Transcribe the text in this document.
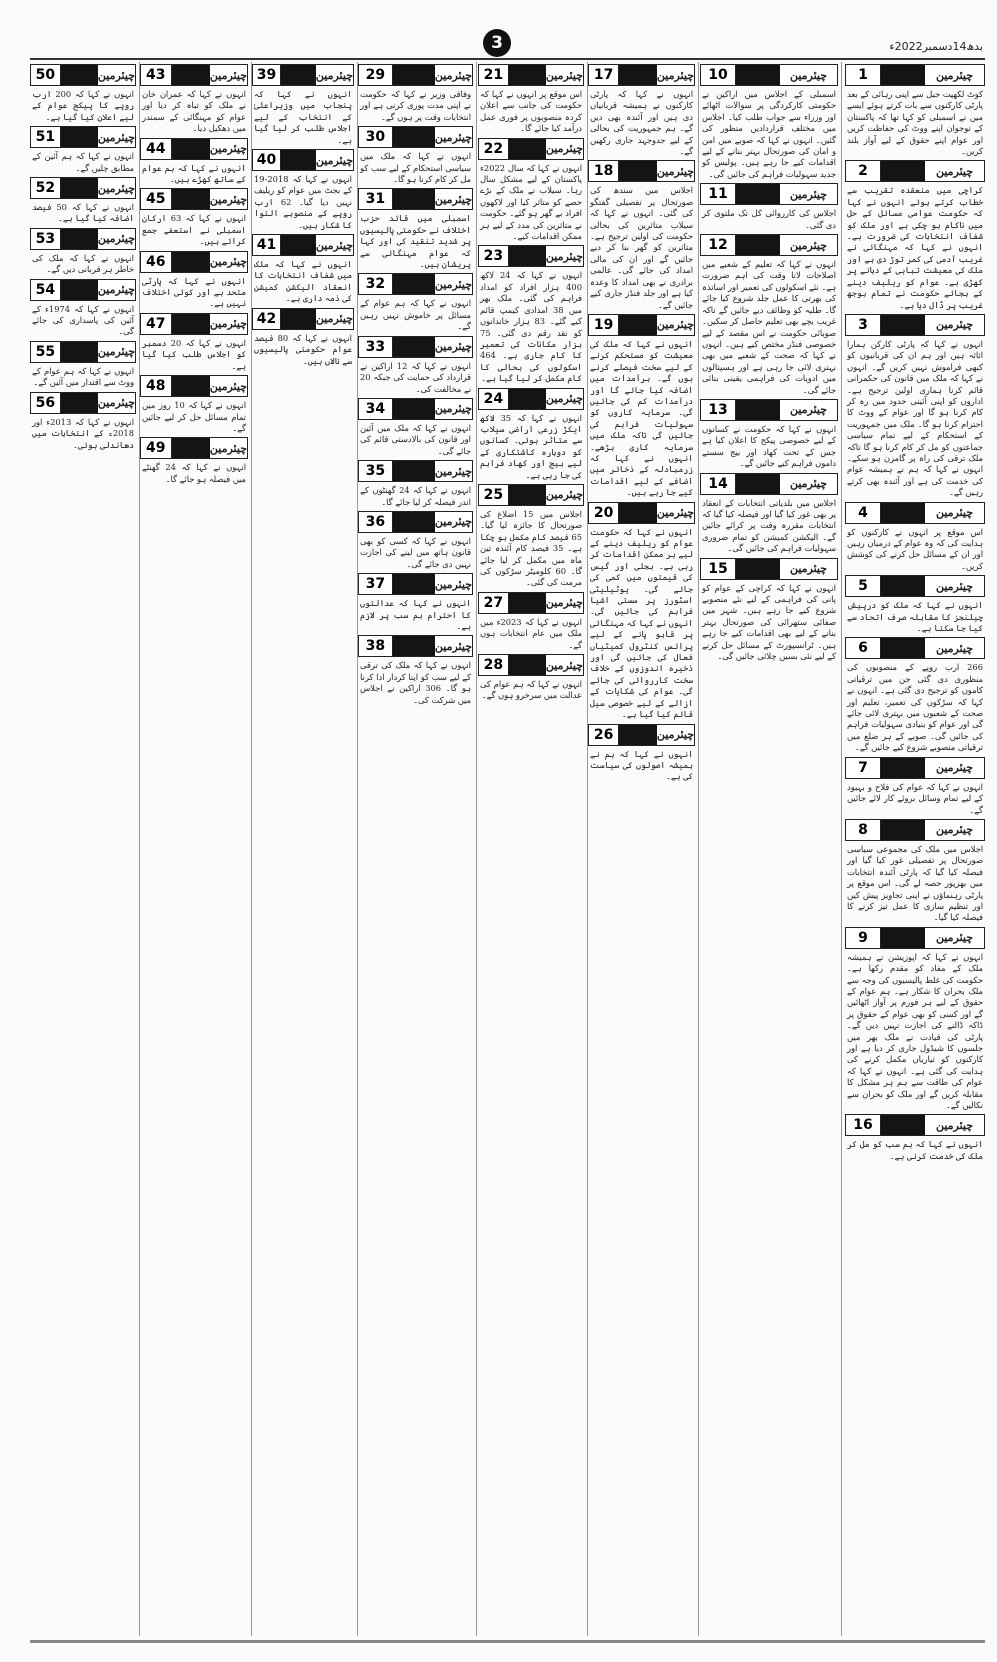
3	بدھ14دسمبر2022ء
1	چیئرمین
کوٹ لکھپت جیل سے اپنی رہائی کے بعد پارٹی کارکنوں سے بات کرتے ہوئے ایسے میں نے اسمبلی کو کہا تھا کہ پاکستان کے نوجوان اپنے ووٹ کی حفاظت کریں اور عوام اپنے حقوق کے لیے آواز بلند کریں۔
2	چیئرمین
کراچی میں منعقدہ تقریب سے خطاب کرتے ہوئے انہوں نے کہا کہ حکومت عوامی مسائل کے حل میں ناکام ہو چکی ہے اور ملک کو شفاف انتخابات کی ضرورت ہے۔ انہوں نے کہا کہ مہنگائی نے غریب آدمی کی کمر توڑ دی ہے اور ملک کی معیشت تباہی کے دہانے پر کھڑی ہے۔ عوام کو ریلیف دینے کے بجائے حکومت نے تمام بوجھ غریب پر ڈال دیا ہے۔
3	چیئرمین
انہوں نے کہا کہ پارٹی کارکن ہمارا اثاثہ ہیں اور ہم ان کی قربانیوں کو کبھی فراموش نہیں کریں گے۔ انہوں نے کہا کہ ملک میں قانون کی حکمرانی قائم کرنا ہماری اولین ترجیح ہے۔ اداروں کو اپنی آئینی حدود میں رہ کر کام کرنا ہو گا اور عوام کے ووٹ کا احترام کرنا ہو گا۔ ملک میں جمہوریت کے استحکام کے لیے تمام سیاسی جماعتوں کو مل کر کام کرنا ہو گا تاکہ ملک ترقی کی راہ پر گامزن ہو سکے۔ انہوں نے کہا کہ ہم نے ہمیشہ عوام کی خدمت کی ہے اور آئندہ بھی کرتے رہیں گے۔
4	چیئرمین
اس موقع پر انہوں نے کارکنوں کو ہدایت کی کہ وہ عوام کے درمیان رہیں اور ان کے مسائل حل کرنے کی کوشش کریں۔
5	چیئرمین
انہوں نے کہا کہ ملک کو درپیش چیلنجز کا مقابلہ صرف اتحاد سے کیا جا سکتا ہے۔
6	چیئرمین
266 ارب روپے کے منصوبوں کی منظوری دی گئی جن میں ترقیاتی کاموں کو ترجیح دی گئی ہے۔ انہوں نے کہا کہ سڑکوں کی تعمیر، تعلیم اور صحت کے شعبوں میں بہتری لائی جائے گی اور عوام کو بنیادی سہولیات فراہم کی جائیں گی۔ صوبے کے ہر ضلع میں ترقیاتی منصوبے شروع کیے جائیں گے۔
7	چیئرمین
انہوں نے کہا کہ عوام کی فلاح و بہبود کے لیے تمام وسائل بروئے کار لائے جائیں گے۔
8	چیئرمین
اجلاس میں ملک کی مجموعی سیاسی صورتحال پر تفصیلی غور کیا گیا اور فیصلہ کیا گیا کہ پارٹی آئندہ انتخابات میں بھرپور حصہ لے گی۔ اس موقع پر پارٹی رہنماؤں نے اپنی تجاویز پیش کیں اور تنظیم سازی کا عمل تیز کرنے کا فیصلہ کیا گیا۔
9	چیئرمین
انہوں نے کہا کہ اپوزیشن نے ہمیشہ ملک کے مفاد کو مقدم رکھا ہے۔ حکومت کی غلط پالیسیوں کی وجہ سے ملک بحران کا شکار ہے۔ ہم عوام کے حقوق کے لیے ہر فورم پر آواز اٹھائیں گے اور کسی کو بھی عوام کے حقوق پر ڈاکہ ڈالنے کی اجازت نہیں دیں گے۔ پارٹی کی قیادت نے ملک بھر میں جلسوں کا شیڈول جاری کر دیا ہے اور کارکنوں کو تیاریاں مکمل کرنے کی ہدایت کی گئی ہے۔ انہوں نے کہا کہ عوام کی طاقت سے ہم ہر مشکل کا مقابلہ کریں گے اور ملک کو بحران سے نکالیں گے۔
16	چیئرمین
انہوں نے کہا کہ ہم سب کو مل کر ملک کی خدمت کرنی ہے۔
10	چیئرمین
اسمبلی کے اجلاس میں اراکین نے حکومتی کارکردگی پر سوالات اٹھائے اور وزراء سے جواب طلب کیا۔ اجلاس میں مختلف قراردادیں منظور کی گئیں۔ انہوں نے کہا کہ صوبے میں امن و امان کی صورتحال بہتر بنانے کے لیے اقدامات کیے جا رہے ہیں۔ پولیس کو جدید سہولیات فراہم کی جائیں گی۔
11	چیئرمین
اجلاس کی کارروائی کل تک ملتوی کر دی گئی۔
12	چیئرمین
انہوں نے کہا کہ تعلیم کے شعبے میں اصلاحات لانا وقت کی اہم ضرورت ہے۔ نئے اسکولوں کی تعمیر اور اساتذہ کی بھرتی کا عمل جلد شروع کیا جائے گا۔ طلبہ کو وظائف دیے جائیں گے تاکہ غریب بچے بھی تعلیم حاصل کر سکیں۔ صوبائی حکومت نے اس مقصد کے لیے خصوصی فنڈز مختص کیے ہیں۔ انہوں نے کہا کہ صحت کے شعبے میں بھی بہتری لائی جا رہی ہے اور ہسپتالوں میں ادویات کی فراہمی یقینی بنائی جائے گی۔
13	چیئرمین
انہوں نے کہا کہ حکومت نے کسانوں کے لیے خصوصی پیکج کا اعلان کیا ہے جس کے تحت کھاد اور بیج سستے داموں فراہم کیے جائیں گے۔
14	چیئرمین
اجلاس میں بلدیاتی انتخابات کے انعقاد پر بھی غور کیا گیا اور فیصلہ کیا گیا کہ انتخابات مقررہ وقت پر کرائے جائیں گے۔ الیکشن کمیشن کو تمام ضروری سہولیات فراہم کی جائیں گی۔
15	چیئرمین
انہوں نے کہا کہ کراچی کے عوام کو پانی کی فراہمی کے لیے نئے منصوبے شروع کیے جا رہے ہیں۔ شہر میں صفائی ستھرائی کی صورتحال بہتر بنانے کے لیے بھی اقدامات کیے جا رہے ہیں۔ ٹرانسپورٹ کے مسائل حل کرنے کے لیے نئی بسیں چلائی جائیں گی۔
17	چیئرمین
انہوں نے کہا کہ پارٹی کارکنوں نے ہمیشہ قربانیاں دی ہیں اور آئندہ بھی دیں گے۔ ہم جمہوریت کی بحالی کے لیے جدوجہد جاری رکھیں گے۔
18	چیئرمین
اجلاس میں سندھ کی صورتحال پر تفصیلی گفتگو کی گئی۔ انہوں نے کہا کہ سیلاب متاثرین کی بحالی حکومت کی اولین ترجیح ہے۔ متاثرین کو گھر بنا کر دیے جائیں گے اور ان کی مالی امداد کی جائے گی۔ عالمی برادری نے بھی امداد کا وعدہ کیا ہے اور جلد فنڈز جاری کیے جائیں گے۔
19	چیئرمین
انہوں نے کہا کہ ملک کی معیشت کو مستحکم کرنے کے لیے سخت فیصلے کرنے ہوں گے۔ برآمدات میں اضافہ کیا جائے گا اور درآمدات کم کی جائیں گی۔ سرمایہ کاروں کو سہولیات فراہم کی جائیں گی تاکہ ملک میں سرمایہ کاری بڑھے۔ انہوں نے کہا کہ زرمبادلہ کے ذخائر میں اضافے کے لیے اقدامات کیے جا رہے ہیں۔
20	چیئرمین
انہوں نے کہا کہ حکومت عوام کو ریلیف دینے کے لیے ہر ممکن اقدامات کر رہی ہے۔ بجلی اور گیس کی قیمتوں میں کمی کی جائے گی۔ یوٹیلیٹی اسٹورز پر سستی اشیا فراہم کی جائیں گی۔ انہوں نے کہا کہ مہنگائی پر قابو پانے کے لیے پرائس کنٹرول کمیٹیاں فعال کی جائیں گی اور ذخیرہ اندوزوں کے خلاف سخت کارروائی کی جائے گی۔ عوام کی شکایات کے ازالے کے لیے خصوصی سیل قائم کیا گیا ہے۔
26	چیئرمین
انہوں نے کہا کہ ہم نے ہمیشہ اصولوں کی سیاست کی ہے۔
21	چیئرمین
اس موقع پر انہوں نے کہا کہ حکومت کی جانب سے اعلان کردہ منصوبوں پر فوری عمل درآمد کیا جائے گا۔
22	چیئرمین
انہوں نے کہا کہ سال 2022ء پاکستان کے لیے مشکل سال رہا۔ سیلاب نے ملک کے بڑے حصے کو متاثر کیا اور لاکھوں افراد بے گھر ہو گئے۔ حکومت نے متاثرین کی مدد کے لیے ہر ممکن اقدامات کیے۔
23	چیئرمین
انہوں نے کہا کہ 24 لاکھ 400 ہزار افراد کو امداد فراہم کی گئی۔ ملک بھر میں 38 امدادی کیمپ قائم کیے گئے۔ 83 ہزار خاندانوں کو نقد رقم دی گئی۔ 75 ہزار مکانات کی تعمیر کا کام جاری ہے۔ 464 اسکولوں کی بحالی کا کام مکمل کر لیا گیا ہے۔
24	چیئرمین
انہوں نے کہا کہ 35 لاکھ ایکڑ زرعی اراضی سیلاب سے متاثر ہوئی۔ کسانوں کو دوبارہ کاشتکاری کے لیے بیج اور کھاد فراہم کی جا رہی ہے۔
25	چیئرمین
اجلاس میں 15 اضلاع کی صورتحال کا جائزہ لیا گیا۔ 65 فیصد کام مکمل ہو چکا ہے۔ 35 فیصد کام آئندہ تین ماہ میں مکمل کر لیا جائے گا۔ 60 کلومیٹر سڑکوں کی مرمت کی گئی۔
27	چیئرمین
انہوں نے کہا کہ 2023ء میں ملک میں عام انتخابات ہوں گے۔
28	چیئرمین
انہوں نے کہا کہ ہم عوام کی عدالت میں سرخرو ہوں گے۔
29	چیئرمین
وفاقی وزیر نے کہا کہ حکومت نے اپنی مدت پوری کرنی ہے اور انتخابات وقت پر ہوں گے۔
30	چیئرمین
انہوں نے کہا کہ ملک میں سیاسی استحکام کے لیے سب کو مل کر کام کرنا ہو گا۔
31	چیئرمین
اسمبلی میں قائد حزب اختلاف نے حکومتی پالیسیوں پر شدید تنقید کی اور کہا کہ عوام مہنگائی سے پریشان ہیں۔
32	چیئرمین
انہوں نے کہا کہ ہم عوام کے مسائل پر خاموش نہیں رہیں گے۔
33	چیئرمین
انہوں نے کہا کہ 12 اراکین نے قرارداد کی حمایت کی جبکہ 20 نے مخالفت کی۔
34	چیئرمین
انہوں نے کہا کہ ملک میں آئین اور قانون کی بالادستی قائم کی جائے گی۔
35	چیئرمین
انہوں نے کہا کہ 24 گھنٹوں کے اندر فیصلہ کر لیا جائے گا۔
36	چیئرمین
انہوں نے کہا کہ کسی کو بھی قانون ہاتھ میں لینے کی اجازت نہیں دی جائے گی۔
37	چیئرمین
انہوں نے کہا کہ عدالتوں کا احترام ہم سب پر لازم ہے۔
38	چیئرمین
انہوں نے کہا کہ ملک کی ترقی کے لیے سب کو اپنا کردار ادا کرنا ہو گا۔ 306 اراکین نے اجلاس میں شرکت کی۔
39	چیئرمین
انہوں نے کہا کہ پنجاب میں وزیراعلیٰ کے انتخاب کے لیے اجلاس طلب کر لیا گیا ہے۔
40	چیئرمین
انہوں نے کہا کہ 2018-19 کے بجٹ میں عوام کو ریلیف نہیں دیا گیا۔ 62 ارب روپے کے منصوبے التوا کا شکار ہیں۔
41	چیئرمین
انہوں نے کہا کہ ملک میں شفاف انتخابات کا انعقاد الیکشن کمیشن کی ذمہ داری ہے۔
42	چیئرمین
انہوں نے کہا کہ 80 فیصد عوام حکومتی پالیسیوں سے نالاں ہیں۔
43	چیئرمین
انہوں نے کہا کہ عمران خان نے ملک کو تباہ کر دیا اور عوام کو مہنگائی کے سمندر میں دھکیل دیا۔
44	چیئرمین
انہوں نے کہا کہ ہم عوام کے ساتھ کھڑے ہیں۔
45	چیئرمین
انہوں نے کہا کہ 63 ارکان اسمبلی نے استعفے جمع کرائے ہیں۔
46	چیئرمین
انہوں نے کہا کہ پارٹی متحد ہے اور کوئی اختلاف نہیں ہے۔
47	چیئرمین
انہوں نے کہا کہ 20 دسمبر کو اجلاس طلب کیا گیا ہے۔
48	چیئرمین
انہوں نے کہا کہ 10 روز میں تمام مسائل حل کر لیے جائیں گے۔
49	چیئرمین
انہوں نے کہا کہ 24 گھنٹے میں فیصلہ ہو جائے گا۔
50	چیئرمین
انہوں نے کہا کہ 200 ارب روپے کا پیکج عوام کے لیے اعلان کیا گیا ہے۔
51	چیئرمین
انہوں نے کہا کہ ہم آئین کے مطابق چلیں گے۔
52	چیئرمین
انہوں نے کہا کہ 50 فیصد اضافہ کیا گیا ہے۔
53	چیئرمین
انہوں نے کہا کہ ملک کی خاطر ہر قربانی دیں گے۔
54	چیئرمین
انہوں نے کہا کہ 1974ء کے آئین کی پاسداری کی جائے گی۔
55	چیئرمین
انہوں نے کہا کہ ہم عوام کے ووٹ سے اقتدار میں آئیں گے۔
56	چیئرمین
انہوں نے کہا کہ 2013ء اور 2018ء کے انتخابات میں دھاندلی ہوئی۔
